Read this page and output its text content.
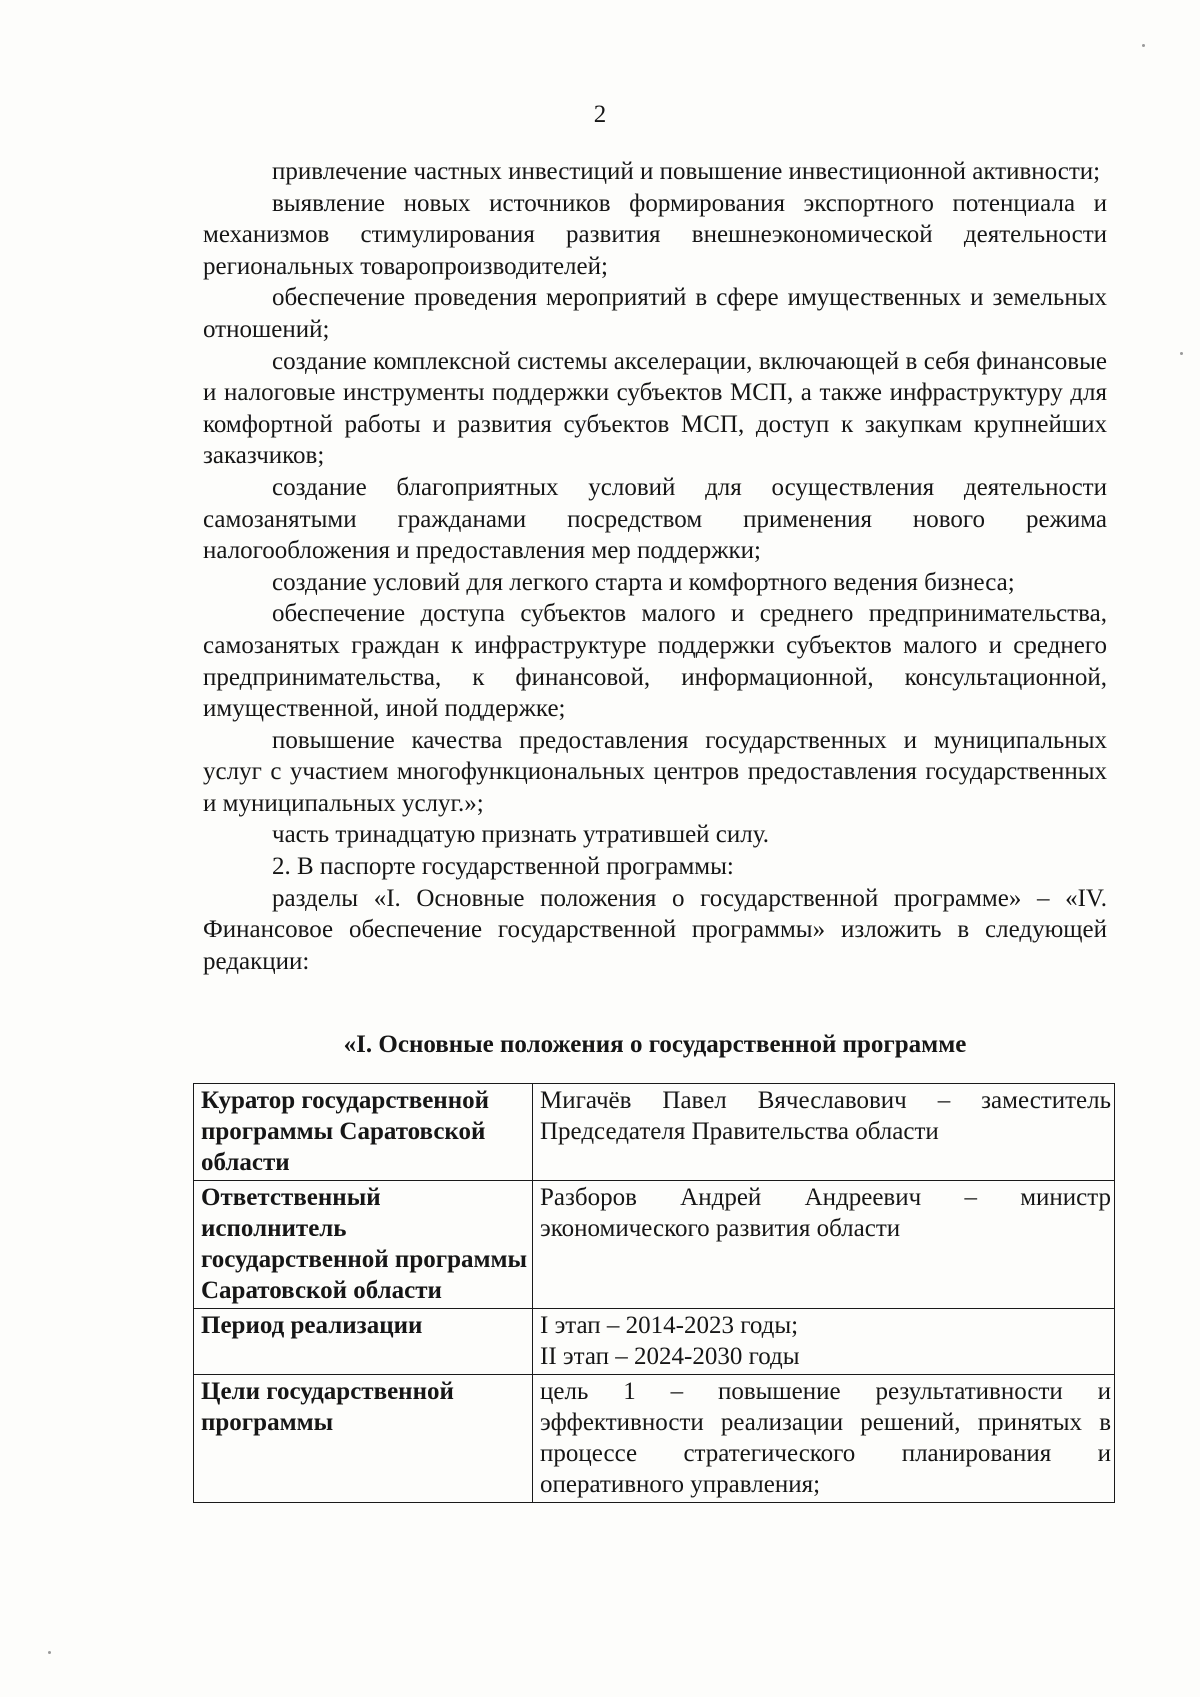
2

привлечение частных инвестиций и повышение инвестиционной активности;

выявление новых источников формирования экспортного потенциала и механизмов стимулирования развития внешнеэкономической деятельности региональных товаропроизводителей;

обеспечение проведения мероприятий в сфере имущественных и земельных отношений;

создание комплексной системы акселерации, включающей в себя финансовые и налоговые инструменты поддержки субъектов МСП, а также инфраструктуру для комфортной работы и развития субъектов МСП, доступ к закупкам крупнейших заказчиков;

создание благоприятных условий для осуществления деятельности самозанятыми гражданами посредством применения нового режима налогообложения и предоставления мер поддержки;

создание условий для легкого старта и комфортного ведения бизнеса;

обеспечение доступа субъектов малого и среднего предпринимательства, самозанятых граждан к инфраструктуре поддержки субъектов малого и среднего предпринимательства, к финансовой, информационной, консультационной, имущественной, иной поддержке;

повышение качества предоставления государственных и муниципальных услуг с участием многофункциональных центров предоставления государственных и муниципальных услуг.»;

часть тринадцатую признать утратившей силу.

2. В паспорте государственной программы:

разделы «I. Основные положения о государственной программе» – «IV. Финансовое обеспечение государственной программы» изложить в следующей редакции:

«I. Основные положения о государственной программе
Куратор государственной программы Саратовской области	Мигачёв Павел Вячеславович – заместитель Председателя Правительства области

Ответственный исполнитель государственной программы Саратовской области	Разборов Андрей Андреевич – министр экономического развития области

Период реализации	I этап – 2014-2023 годы;
II этап – 2024-2030 годы

Цели государственной программы	цель 1 – повышение результативности и эффективности реализации решений, принятых в процессе стратегического планирования и оперативного управления;
